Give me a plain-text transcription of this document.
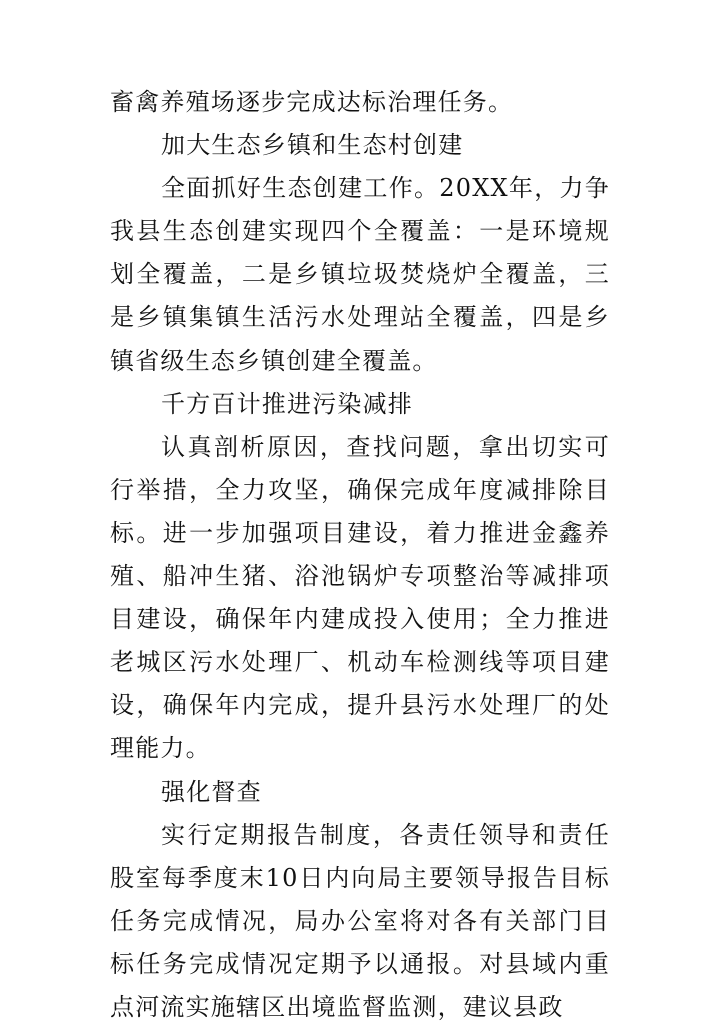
畜禽养殖场逐步完成达标治理任务。

加大生态乡镇和生态村创建

全面抓好生态创建工作。20XX年，力争我县生态创建实现四个全覆盖：一是环境规划全覆盖，二是乡镇垃圾焚烧炉全覆盖，三是乡镇集镇生活污水处理站全覆盖，四是乡镇省级生态乡镇创建全覆盖。

千方百计推进污染减排

认真剖析原因，查找问题，拿出切实可行举措，全力攻坚，确保完成年度减排除目标。进一步加强项目建设，着力推进金鑫养殖、船冲生猪、浴池锅炉专项整治等减排项目建设，确保年内建成投入使用；全力推进老城区污水处理厂、机动车检测线等项目建设，确保年内完成，提升县污水处理厂的处理能力。

强化督查

实行定期报告制度，各责任领导和责任股室每季度末10日内向局主要领导报告目标任务完成情况，局办公室将对各有关部门目标任务完成情况定期予以通报。对县域内重点河流实施辖区出境监督监测，建议县政
